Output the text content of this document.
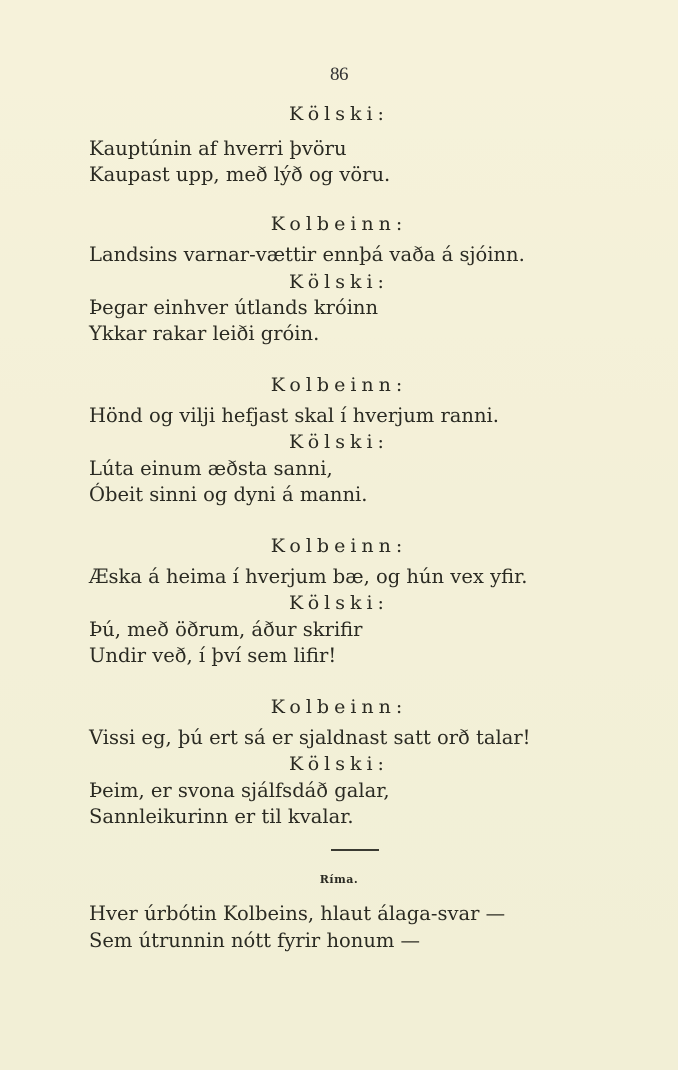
86
Kölski:
Kauptúnin af hverri þvöru
Kaupast upp, með lýð og vöru.
Kolbeinn:
Landsins varnar-vættir ennþá vaða á sjóinn.
Kölski:
Þegar einhver útlands króinn
Ykkar rakar leiði gróin.
Kolbeinn:
Hönd og vilji hefjast skal í hverjum ranni.
Kölski:
Lúta einum æðsta sanni,
Óbeit sinni og dyni á manni.
Kolbeinn:
Æska á heima í hverjum bæ, og hún vex yfir.
Kölski:
Þú, með öðrum, áður skrifir
Undir veð, í því sem lifir!
Kolbeinn:
Vissi eg, þú ert sá er sjaldnast satt orð talar!
Kölski:
Þeim, er svona sjálfsdáð galar,
Sannleikurinn er til kvalar.
Ríma.
Hver úrbótin Kolbeins, hlaut álaga-svar —
Sem útrunnin nótt fyrir honum —
